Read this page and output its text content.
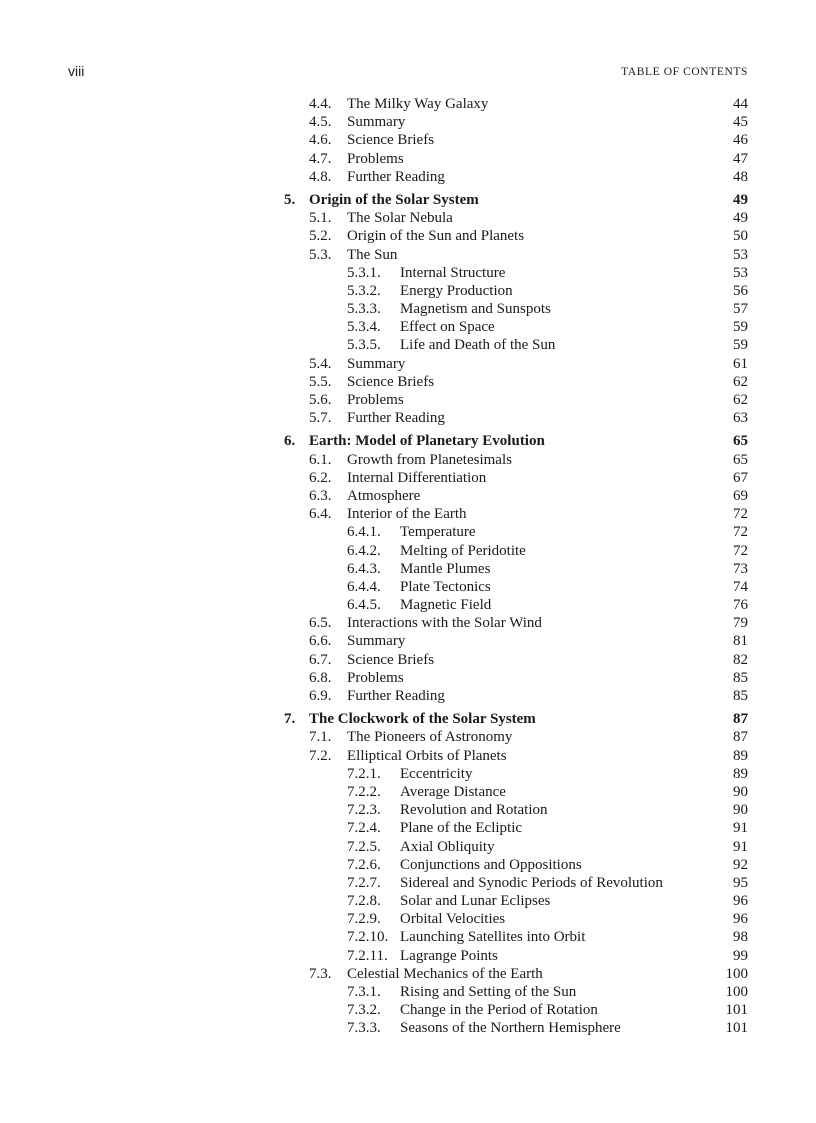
viii	TABLE OF CONTENTS
4.4. The Milky Way Galaxy	44
4.5. Summary	45
4.6. Science Briefs	46
4.7. Problems	47
4.8. Further Reading	48
5. Origin of the Solar System	49
5.1. The Solar Nebula	49
5.2. Origin of the Sun and Planets	50
5.3. The Sun	53
5.3.1. Internal Structure	53
5.3.2. Energy Production	56
5.3.3. Magnetism and Sunspots	57
5.3.4. Effect on Space	59
5.3.5. Life and Death of the Sun	59
5.4. Summary	61
5.5. Science Briefs	62
5.6. Problems	62
5.7. Further Reading	63
6. Earth: Model of Planetary Evolution	65
6.1. Growth from Planetesimals	65
6.2. Internal Differentiation	67
6.3. Atmosphere	69
6.4. Interior of the Earth	72
6.4.1. Temperature	72
6.4.2. Melting of Peridotite	72
6.4.3. Mantle Plumes	73
6.4.4. Plate Tectonics	74
6.4.5. Magnetic Field	76
6.5. Interactions with the Solar Wind	79
6.6. Summary	81
6.7. Science Briefs	82
6.8. Problems	85
6.9. Further Reading	85
7. The Clockwork of the Solar System	87
7.1. The Pioneers of Astronomy	87
7.2. Elliptical Orbits of Planets	89
7.2.1. Eccentricity	89
7.2.2. Average Distance	90
7.2.3. Revolution and Rotation	90
7.2.4. Plane of the Ecliptic	91
7.2.5. Axial Obliquity	91
7.2.6. Conjunctions and Oppositions	92
7.2.7. Sidereal and Synodic Periods of Revolution	95
7.2.8. Solar and Lunar Eclipses	96
7.2.9. Orbital Velocities	96
7.2.10. Launching Satellites into Orbit	98
7.2.11. Lagrange Points	99
7.3. Celestial Mechanics of the Earth	100
7.3.1. Rising and Setting of the Sun	100
7.3.2. Change in the Period of Rotation	101
7.3.3. Seasons of the Northern Hemisphere	101
